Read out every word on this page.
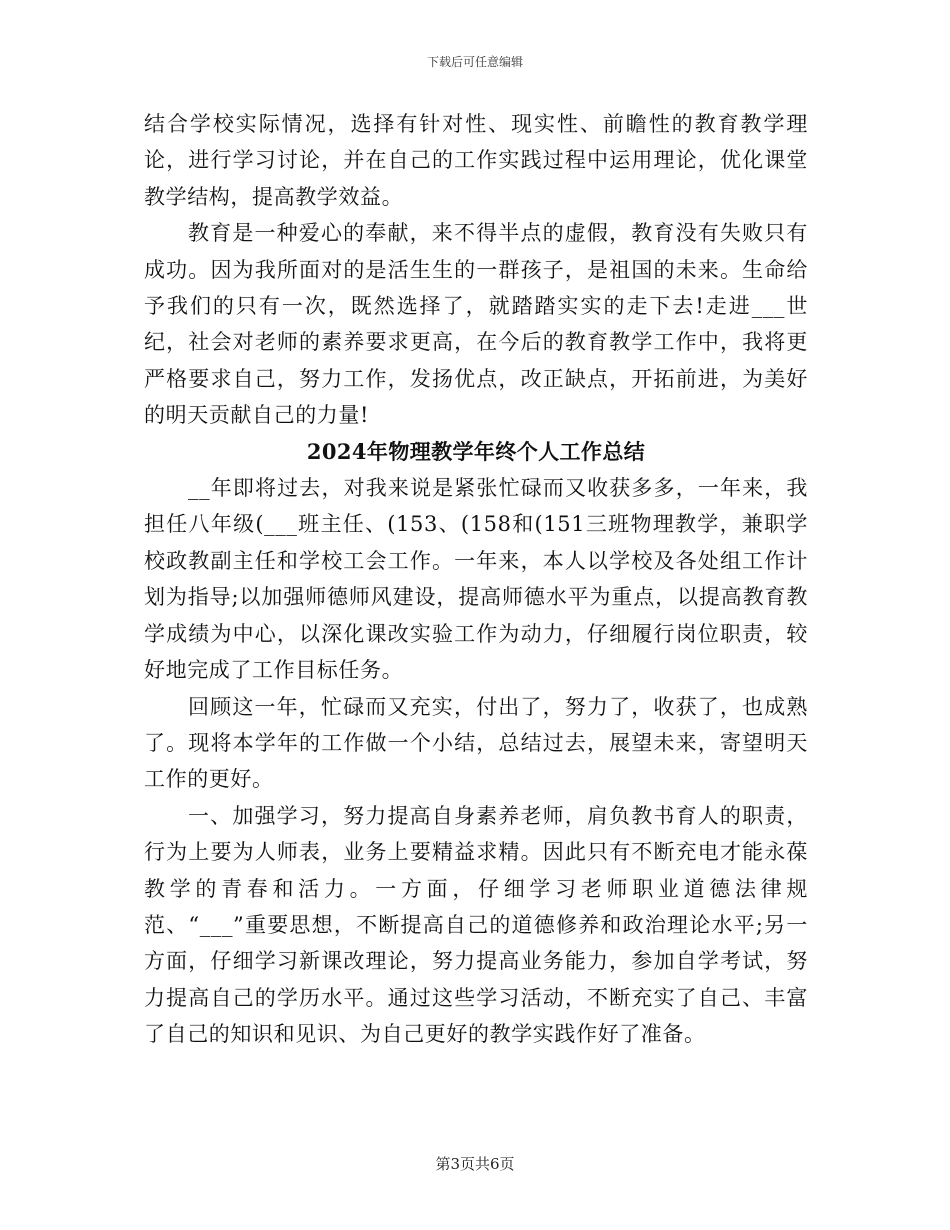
下载后可任意编辑

结合学校实际情况，选择有针对性、现实性、前瞻性的教育教学理论，进行学习讨论，并在自己的工作实践过程中运用理论，优化课堂教学结构，提高教学效益。

教育是一种爱心的奉献，来不得半点的虚假，教育没有失败只有成功。因为我所面对的是活生生的一群孩子，是祖国的未来。生命给予我们的只有一次，既然选择了，就踏踏实实的走下去!走进___世纪，社会对老师的素养要求更高，在今后的教育教学工作中，我将更严格要求自己，努力工作，发扬优点，改正缺点，开拓前进，为美好的明天贡献自己的力量!

2024年物理教学年终个人工作总结

__年即将过去，对我来说是紧张忙碌而又收获多多，一年来，我担任八年级(___班主任、(153、(158和(151三班物理教学，兼职学校政教副主任和学校工会工作。一年来，本人以学校及各处组工作计划为指导;以加强师德师风建设，提高师德水平为重点，以提高教育教学成绩为中心，以深化课改实验工作为动力，仔细履行岗位职责，较好地完成了工作目标任务。

回顾这一年，忙碌而又充实，付出了，努力了，收获了，也成熟了。现将本学年的工作做一个小结，总结过去，展望未来，寄望明天工作的更好。

一、加强学习，努力提高自身素养老师，肩负教书育人的职责，行为上要为人师表，业务上要精益求精。因此只有不断充电才能永葆教学的青春和活力。一方面，仔细学习老师职业道德法律规范、“___”重要思想，不断提高自己的道德修养和政治理论水平;另一方面，仔细学习新课改理论，努力提高业务能力，参加自学考试，努力提高自己的学历水平。通过这些学习活动，不断充实了自己、丰富了自己的知识和见识、为自己更好的教学实践作好了准备。

第3页共6页
